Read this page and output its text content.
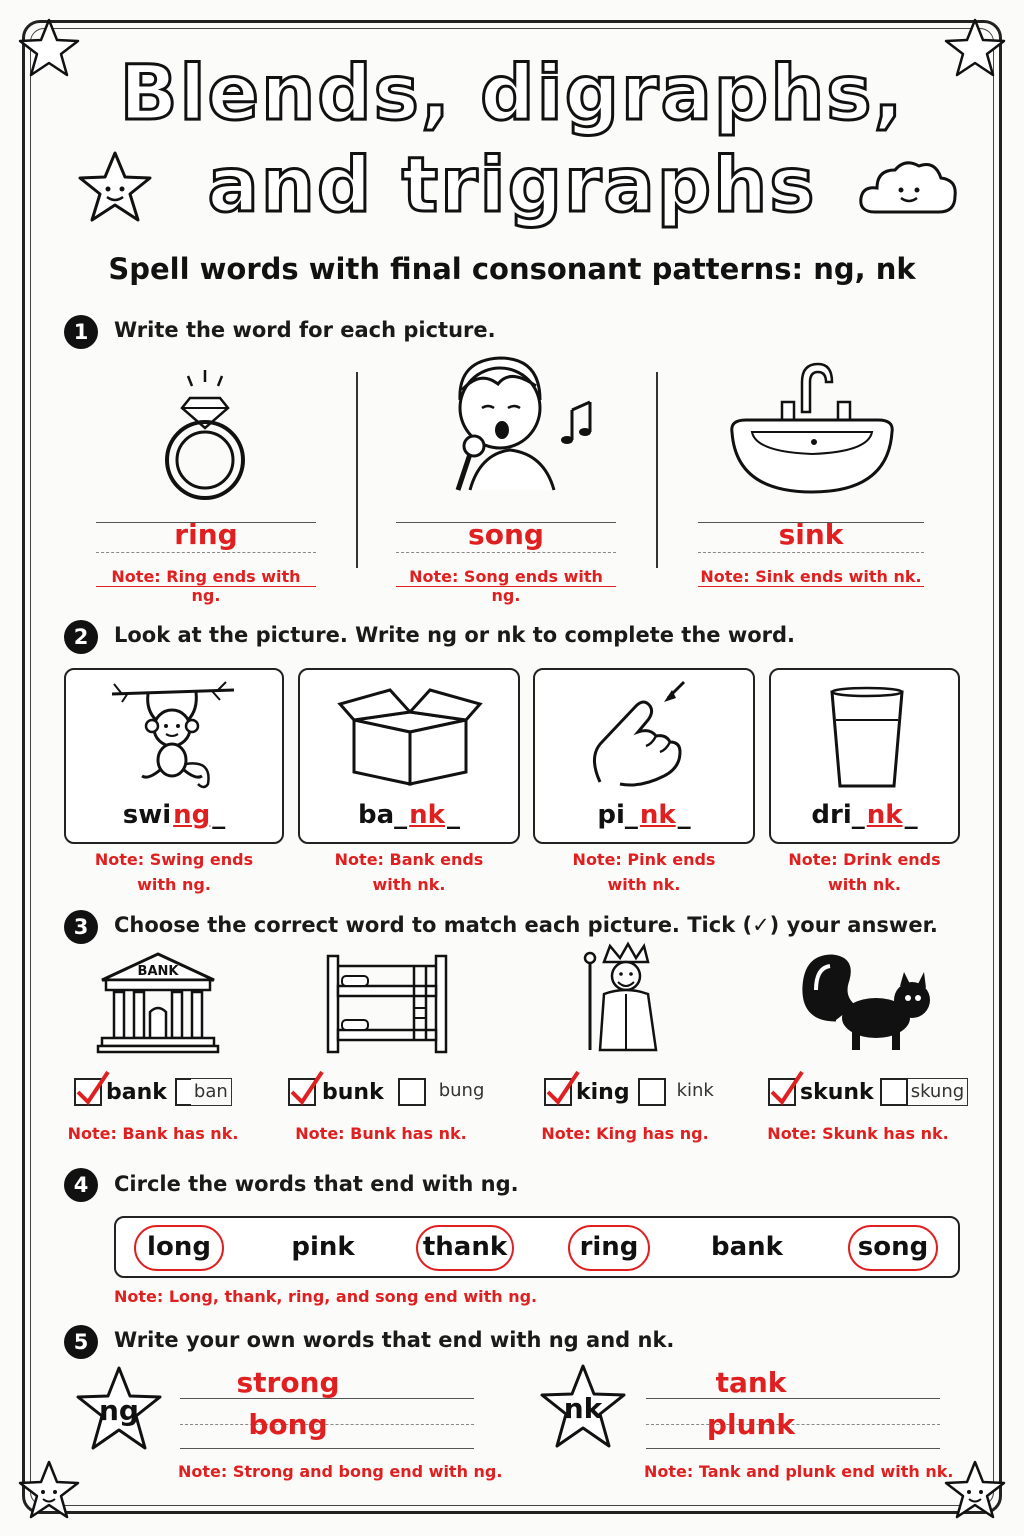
Blends, digraphs,
and trigraphs
Spell words with final consonant patterns: ng, nk
1	Write the word for each picture.
ring
Note: Ring ends with ng.
song
Note: Song ends with ng.
sink
Note: Sink ends with nk.
2	Look at the picture. Write ng or nk to complete the word.
swing_	ba_nk_	pi_nk_	dri_nk_
Note: Swing ends
with ng.
Note: Bank ends
with nk.
Note: Pink ends
with nk.
Note: Drink ends
with nk.
3	Choose the correct word to match each picture. Tick (✓) your answer.
BANK
bank ban	bunk	bung	king	kink	skunk skung
Note: Bank has nk.	Note: Bunk has nk.	Note: King has ng.	Note: Skunk has nk.
4	Circle the words that end with ng.
long	pink	thank	ring	bank	song
Note: Long, thank, ring, and song end with ng.
5	Write your own words that end with ng and nk.
ng
strong
bong
Note: Strong and bong end with ng.
nk
tank
plunk
Note: Tank and plunk end with nk.
